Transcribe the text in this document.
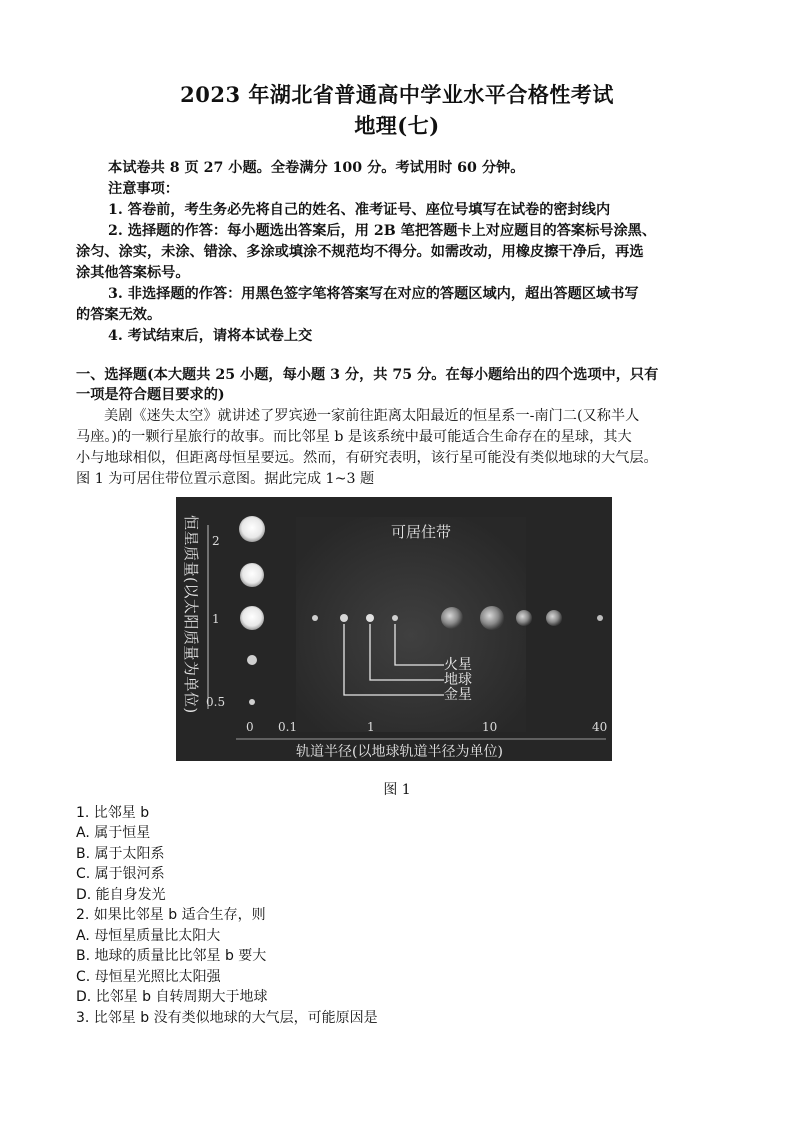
2023 年湖北省普通高中学业水平合格性考试
地理(七)
本试卷共 8 页 27 小题。全卷满分 100 分。考试用时 60 分钟。
注意事项：
1. 答卷前，考生务必先将自己的姓名、准考证号、座位号填写在试卷的密封线内
2. 选择题的作答：每小题选出答案后，用 2B 笔把答题卡上对应题目的答案标号涂黑、
涂匀、涂实，未涂、错涂、多涂或填涂不规范均不得分。如需改动，用橡皮擦干净后，再选
涂其他答案标号。
3. 非选择题的作答：用黑色签字笔将答案写在对应的答题区域内，超出答题区域书写
的答案无效。
4. 考试结束后，请将本试卷上交
一、选择题(本大题共 25 小题，每小题 3 分，共 75 分。在每小题给出的四个选项中，只有
一项是符合题目要求的)
美剧《迷失太空》就讲述了罗宾逊一家前往距离太阳最近的恒星系一-南门二(又称半人
马座。)的一颗行星旅行的故事。而比邻星 b 是该系统中最可能适合生命存在的星球，其大
小与地球相似，但距离母恒星要远。然而，有研究表明，该行星可能没有类似地球的大气层。
图 1 为可居住带位置示意图。据此完成 1~3 题
恒星质量(以太阳质量为单位) 2
1
0.5
可居住带
火星
地球
金星
0 0.1	1	10	40
轨道半径(以地球轨道半径为单位)
图 1
1. 比邻星 b
A. 属于恒星
B. 属于太阳系
C. 属于银河系
D. 能自身发光
2. 如果比邻星 b 适合生存，则
A. 母恒星质量比太阳大
B. 地球的质量比比邻星 b 要大
C. 母恒星光照比太阳强
D. 比邻星 b 自转周期大于地球
3. 比邻星 b 没有类似地球的大气层，可能原因是
